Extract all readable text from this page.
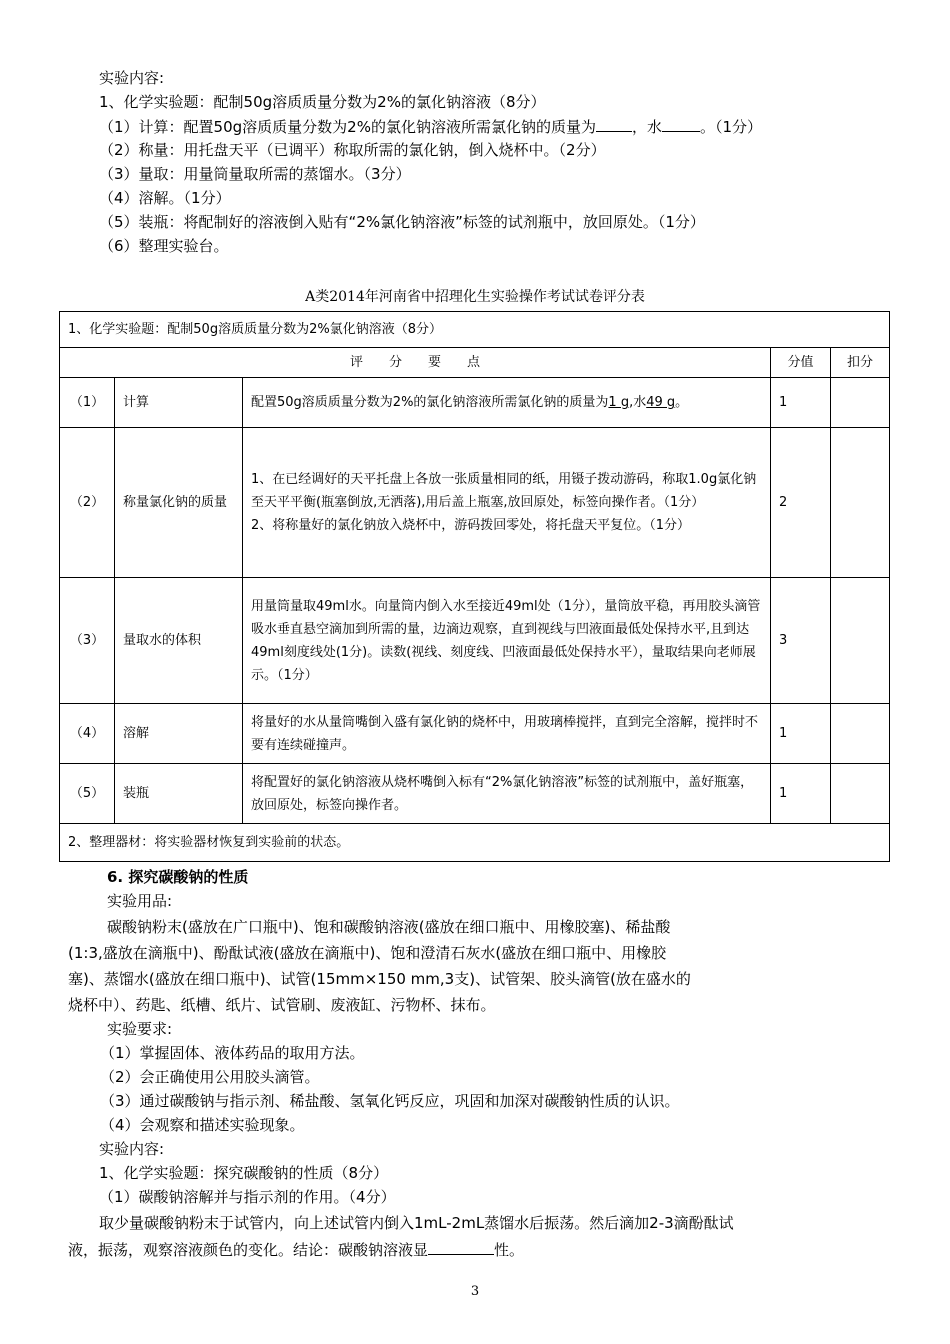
实验内容:
1、化学实验题：配制50g溶质质量分数为2%的氯化钠溶液（8分）
（1）计算：配置50g溶质质量分数为2%的氯化钠溶液所需氯化钠的质量为 ，水	。（1分）
（2）称量：用托盘天平（已调平）称取所需的氯化钠，倒入烧杯中。（2分）
（3）量取：用量筒量取所需的蒸馏水。（3分）
（4）溶解。（1分）
（5）装瓶：将配制好的溶液倒入贴有“2%氯化钠溶液”标签的试剂瓶中，放回原处。（1分）
（6）整理实验台。
A类2014年河南省中招理化生实验操作考试试卷评分表
1、化学实验题：配制50g溶质质量分数为2%氯化钠溶液（8分）				
评　　分　　要　　点			分值	扣分
（1）	计算	配置50g溶质质量分数为2%的氯化钠溶液所需氯化钠的质量为1 g,水49 g。	1	
（2）	称量氯化钠的质量	1、在已经调好的天平托盘上各放一张质量相同的纸，用镊子拨动游码，称取1.0g氯化钠至天平平衡(瓶塞倒放,无洒落),用后盖上瓶塞,放回原处，标签向操作者。（1分）
2、将称量好的氯化钠放入烧杯中，游码拨回零处，将托盘天平复位。（1分）	2	
（3）	量取水的体积	用量筒量取49ml水。向量筒内倒入水至接近49ml处（1分），量筒放平稳，再用胶头滴管吸水垂直悬空滴加到所需的量，边滴边观察，直到视线与凹液面最低处保持水平,且到达49ml刻度线处(1分)。读数(视线、刻度线、凹液面最低处保持水平），量取结果向老师展示。（1分）	3	
（4）	溶解	将量好的水从量筒嘴倒入盛有氯化钠的烧杯中，用玻璃棒搅拌，直到完全溶解，搅拌时不要有连续碰撞声。	1	
（5）	装瓶	将配置好的氯化钠溶液从烧杯嘴倒入标有“2%氯化钠溶液”标签的试剂瓶中，盖好瓶塞，放回原处，标签向操作者。	1	
2、整理器材：将实验器材恢复到实验前的状态。				
6. 探究碳酸钠的性质
实验用品:
碳酸钠粉末(盛放在广口瓶中)、饱和碳酸钠溶液(盛放在细口瓶中、用橡胶塞)、稀盐酸
(1:3,盛放在滴瓶中)、酚酞试液(盛放在滴瓶中)、饱和澄清石灰水(盛放在细口瓶中、用橡胶
塞)、蒸馏水(盛放在细口瓶中)、试管(15mm×150 mm,3支)、试管架、胶头滴管(放在盛水的
烧杯中）、药匙、纸槽、纸片、试管刷、废液缸、污物杯、抹布。
实验要求:
（1）掌握固体、液体药品的取用方法。
（2）会正确使用公用胶头滴管。
（3）通过碳酸钠与指示剂、稀盐酸、氢氧化钙反应，巩固和加深对碳酸钠性质的认识。
（4）会观察和描述实验现象。
实验内容:
1、化学实验题：探究碳酸钠的性质（8分）
（1）碳酸钠溶解并与指示剂的作用。（4分）
取少量碳酸钠粉末于试管内，向上述试管内倒入1mL-2mL蒸馏水后振荡。然后滴加2-3滴酚酞试
液，振荡，观察溶液颜色的变化。结论：碳酸钠溶液显	性。
3
